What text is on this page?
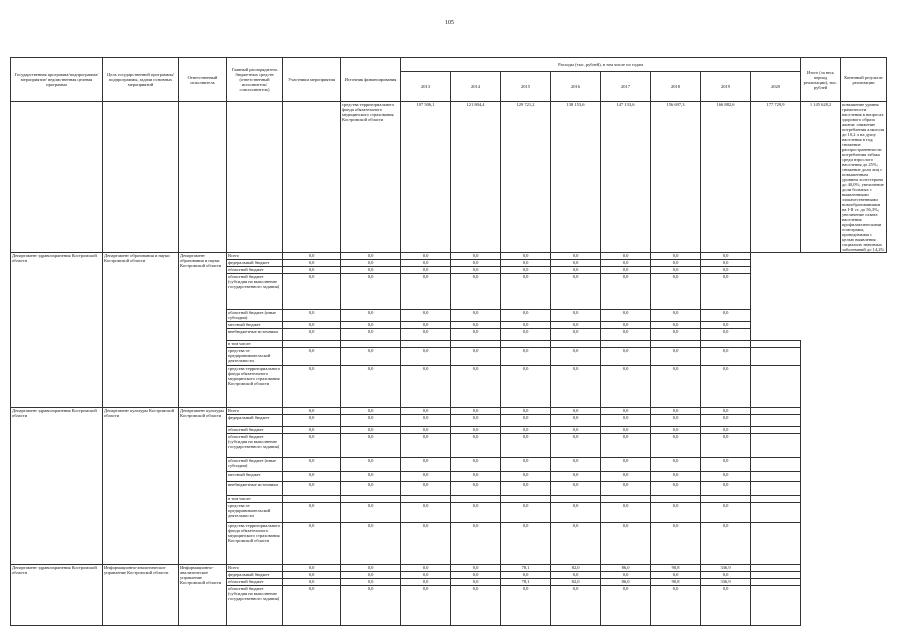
105
Государственная программа/подпрограмма/ мероприятие/ ведомственная целевая программа	Цель государственной программы/подпрограммы, задачи основных мероприятий	Ответственный исполнитель	Главный распорядитель бюджетных средств (ответственный исполнитель/ соисполнитель)	Участники мероприятия	Источник финансирования	Расходы (тыс. рублей), в том числе по годам								Итого (за весь период реализации), тыс. рублей	Конечный результат реализации
						2013	2014	2015	2016	2017	2018	2019	2020		
					средства территориального фонда обязательного медицинского страхования Костромской области	107 506,1	121 804,4	129 721,2	138 153,6	147 133,6	156 697,3	166 882,6	177 729,9	1 145 628,2	повышение уровня грамотности населения в вопросах здорового образа жизни: снижение потребления алкоголя до 10,2 л на душу населения в год; снижение распространенности потребления табака среди взрослого населения до 25%; снижение доли лиц с повышенным уровнем холестерина до 40,0%; увеличение доли больных с выявленными злокачественными новообразованиями на I-II ст. до 56,3%; увеличение охвата населения профилактическими осмотрами, проводимыми с целью выявления социально значимых заболеваний до 14,2%
Департамент здравоохранения Костромской области	Департамент образования и науки Костромской области	Департамент образования и науки Костромской области	Всего	0,0	0,0	0,0	0,0	0,0	0,0	0,0	0,0	0,0			
			федеральный бюджет	0,0	0,0	0,0	0,0	0,0	0,0	0,0	0,0	0,0			
			областной бюджет	0,0	0,0	0,0	0,0	0,0	0,0	0,0	0,0	0,0			
			областной бюджет (субсидия на выполнение государственного задания)	0,0	0,0	0,0	0,0	0,0	0,0	0,0	0,0	0,0			
			областной бюджет (иные субсидии)	0,0	0,0	0,0	0,0	0,0	0,0	0,0	0,0	0,0			
			местный бюджет	0,0	0,0	0,0	0,0	0,0	0,0	0,0	0,0	0,0			
			внебюджетные источники	0,0	0,0	0,0	0,0	0,0	0,0	0,0	0,0	0,0			
			в том числе:												
			средства от предпринимательской деятельности	0,0	0,0	0,0	0,0	0,0	0,0	0,0	0,0	0,0			
			средства территориального фонда обязательного медицинского страхования Костромской области	0,0	0,0	0,0	0,0	0,0	0,0	0,0	0,0	0,0			
Департамент здравоохранения Костромской области	Департамент культуры Костромской области	Департамент культуры Костромской области	Всего	0,0	0,0	0,0	0,0	0,0	0,0	0,0	0,0	0,0			
			федеральный бюджет	0,0	0,0	0,0	0,0	0,0	0,0	0,0	0,0	0,0			
			областной бюджет	0,0	0,0	0,0	0,0	0,0	0,0	0,0	0,0	0,0			
			областной бюджет (субсидия на выполнение государственного задания)	0,0	0,0	0,0	0,0	0,0	0,0	0,0	0,0	0,0			
			областной бюджет (иные субсидии)	0,0	0,0	0,0	0,0	0,0	0,0	0,0	0,0	0,0			
			местный бюджет	0,0	0,0	0,0	0,0	0,0	0,0	0,0	0,0	0,0			
			внебюджетные источники	0,0	0,0	0,0	0,0	0,0	0,0	0,0	0,0	0,0			
			в том числе:												
			средства от предпринимательской деятельности	0,0	0,0	0,0	0,0	0,0	0,0	0,0	0,0	0,0			
			средства территориального фонда обязательного медицинского страхования Костромской области	0,0	0,0	0,0	0,0	0,0	0,0	0,0	0,0	0,0			
Департамент здравоохранения Костромской области	Информационно-аналитическое управление Костромской области	Информационно-аналитическое управление Костромской области	Всего	0,0	0,0	0,0	0,0	78,1	82,0	86,0	90,8	336,9			
			федеральный бюджет	0,0	0,0	0,0	0,0	0,0	0,0	0,0	0,0	0,0			
			областной бюджет	0,0	0,0	0,0	0,0	78,1	82,0	86,0	90,8	336,9			
			областной бюджет (субсидия на выполнение государственного задания)	0,0	0,0	0,0	0,0	0,0	0,0	0,0	0,0	0,0			
